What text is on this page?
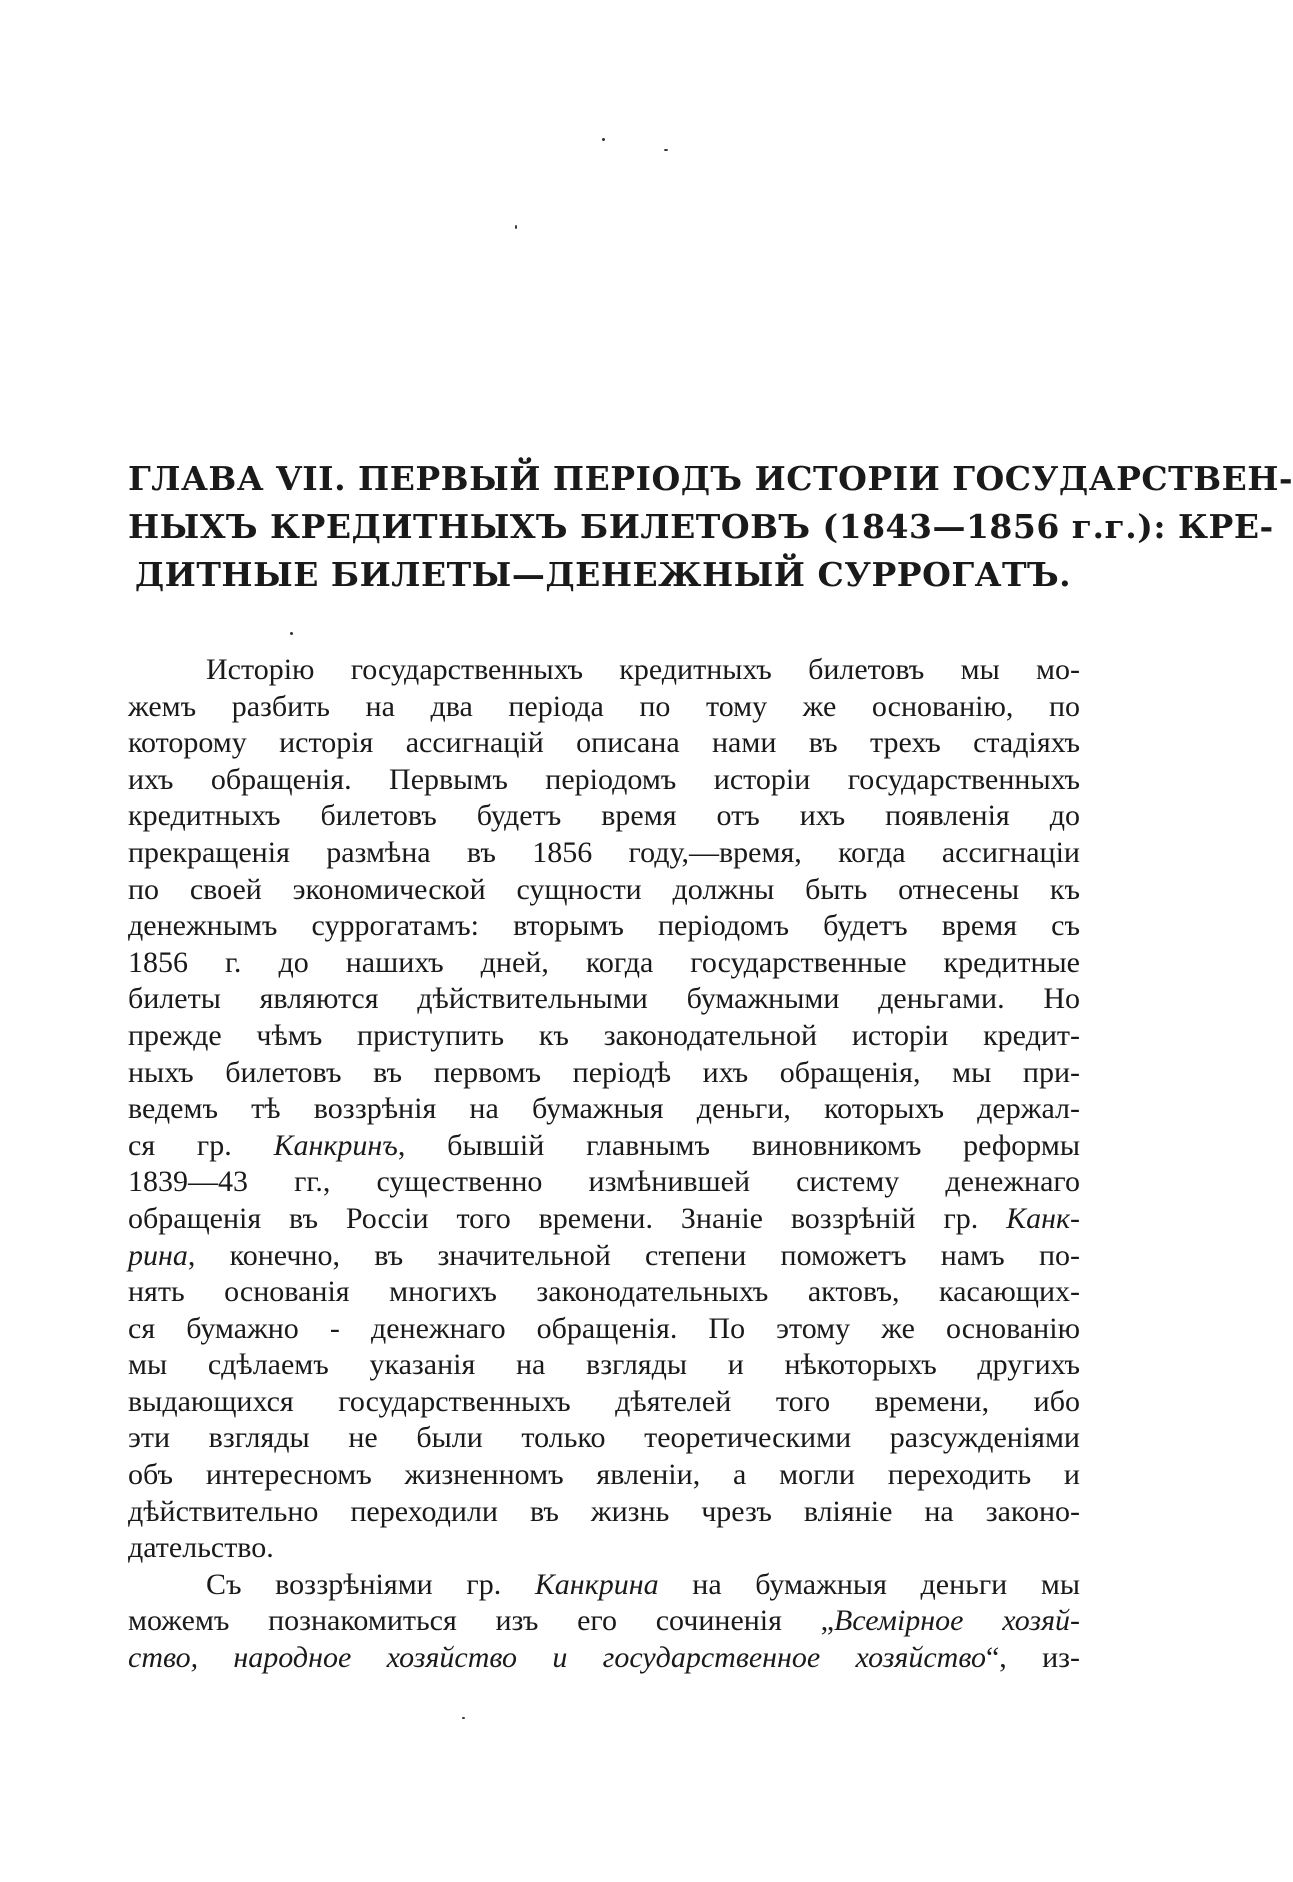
ГЛАВА VII. ПЕРВЫЙ ПЕРІОДЪ ИСТОРІИ ГОСУДАРСТВЕН-
НЫХЪ КРЕДИТНЫХЪ БИЛЕТОВЪ (1843—1856 г.г.): КРЕ-
ДИТНЫЕ БИЛЕТЫ—ДЕНЕЖНЫЙ СУРРОГАТЪ.
Исторію государственныхъ кредитныхъ билетовъ мы мо-
жемъ разбить на два періода по тому же основанію, по
которому исторія ассигнацій описана нами въ трехъ стадіяхъ
ихъ обращенія. Первымъ періодомъ исторіи государственныхъ
кредитныхъ билетовъ будетъ время отъ ихъ появленія до
прекращенія размѣна въ 1856 году,—время, когда ассигнаціи
по своей экономической сущности должны быть отнесены къ
денежнымъ суррогатамъ: вторымъ періодомъ будетъ время съ
1856 г. до нашихъ дней, когда государственные кредитные
билеты являются дѣйствительными бумажными деньгами. Но
прежде чѣмъ приступить къ законодательной исторіи кредит-
ныхъ билетовъ въ первомъ періодѣ ихъ обращенія, мы при-
ведемъ тѣ воззрѣнія на бумажныя деньги, которыхъ держал-
ся гр. Канкринъ, бывшій главнымъ виновникомъ реформы
1839—43 гг., существенно измѣнившей систему денежнаго
обращенія въ Россіи того времени. Знаніе воззрѣній гр. Канк-
рина, конечно, въ значительной степени поможетъ намъ по-
нять основанія многихъ законодательныхъ актовъ, касающих-
ся бумажно - денежнаго обращенія. По этому же основанію
мы сдѣлаемъ указанія на взгляды и нѣкоторыхъ другихъ
выдающихся государственныхъ дѣятелей того времени, ибо
эти взгляды не были только теоретическими разсужденіями
объ интересномъ жизненномъ явленіи, а могли переходить и
дѣйствительно переходили въ жизнь чрезъ вліяніе на законо-
дательство.
Съ воззрѣніями гр. Канкрина на бумажныя деньги мы
можемъ познакомиться изъ его сочиненія „Всемірное хозяй-
ство, народное хозяйство и государственное хозяйство“, из-
